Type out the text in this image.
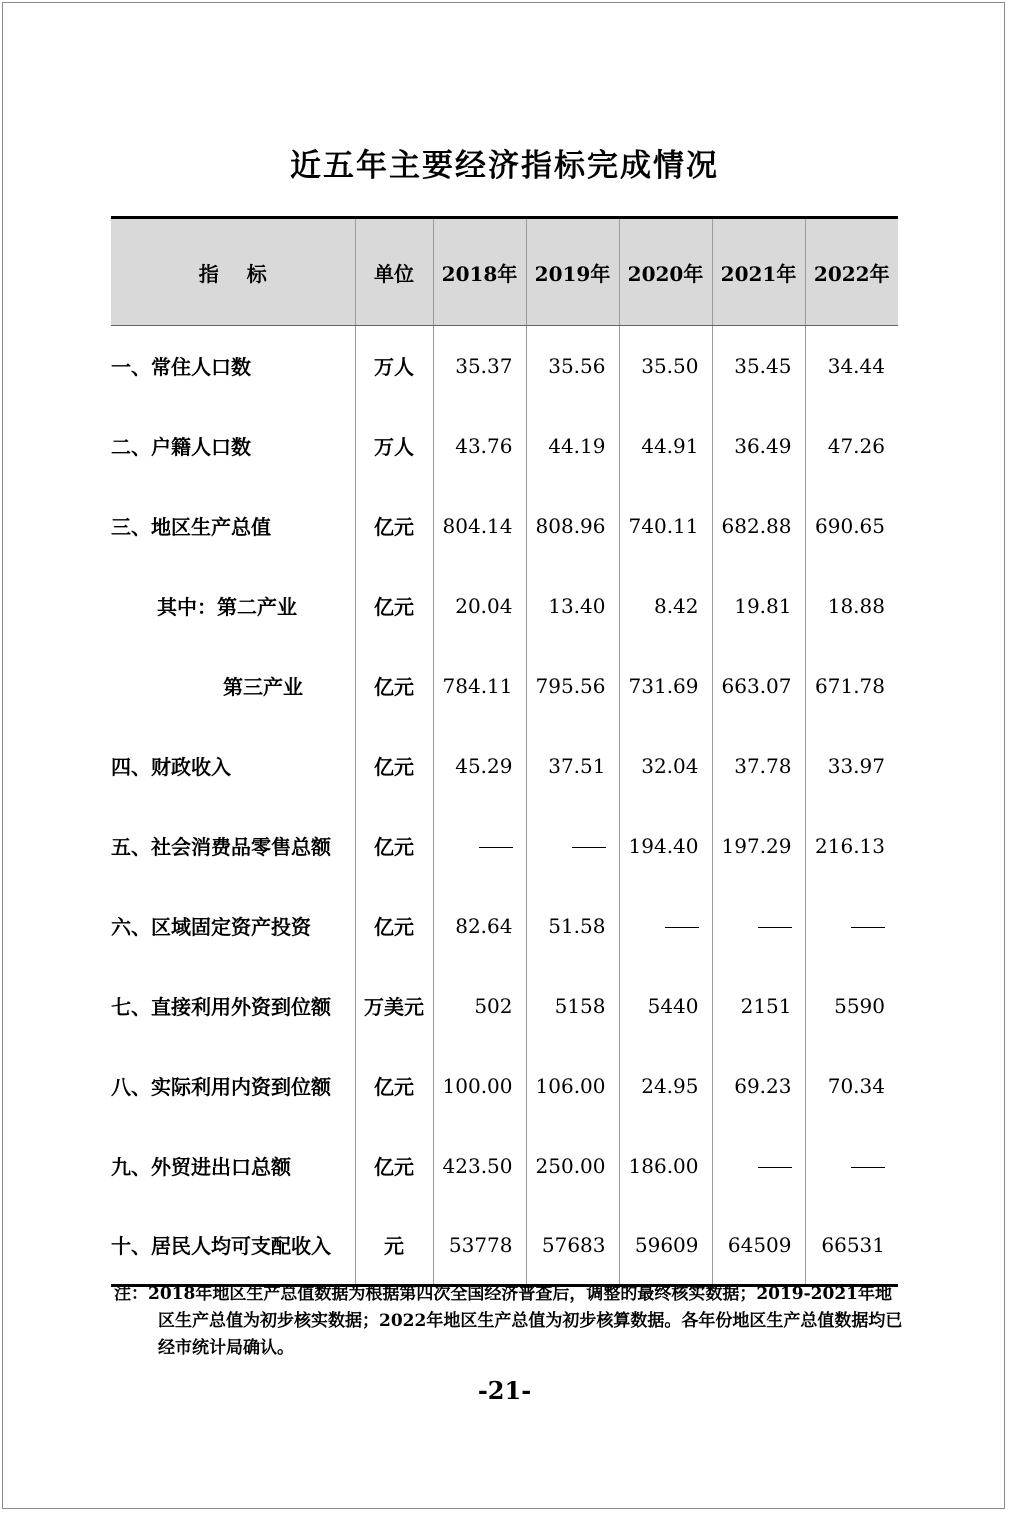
近五年主要经济指标完成情况
指标	单位	2018年	2019年	2020年	2021年	2022年
一、常住人口数	万人	35.37	35.56	35.50	35.45	34.44
二、户籍人口数	万人	43.76	44.19	44.91	36.49	47.26
三、地区生产总值	亿元	804.14	808.96	740.11	682.88	690.65
其中：第二产业	亿元	20.04	13.40	8.42	19.81	18.88
第三产业	亿元	784.11	795.56	731.69	663.07	671.78
四、财政收入	亿元	45.29	37.51	32.04	37.78	33.97
五、社会消费品零售总额	亿元			194.40	197.29	216.13
六、区域固定资产投资	亿元	82.64	51.58			
七、直接利用外资到位额	万美元	502	5158	5440	2151	5590
八、实际利用内资到位额	亿元	100.00	106.00	24.95	69.23	70.34
九、外贸进出口总额	亿元	423.50	250.00	186.00		
十、居民人均可支配收入	元	53778	57683	59609	64509	66531

注：2018年地区生产总值数据为根据第四次全国经济普查后，调整的最终核实数据；2019-2021年地区生产总值为初步核实数据；2022年地区生产总值为初步核算数据。各年份地区生产总值数据均已经市统计局确认。

-21-
